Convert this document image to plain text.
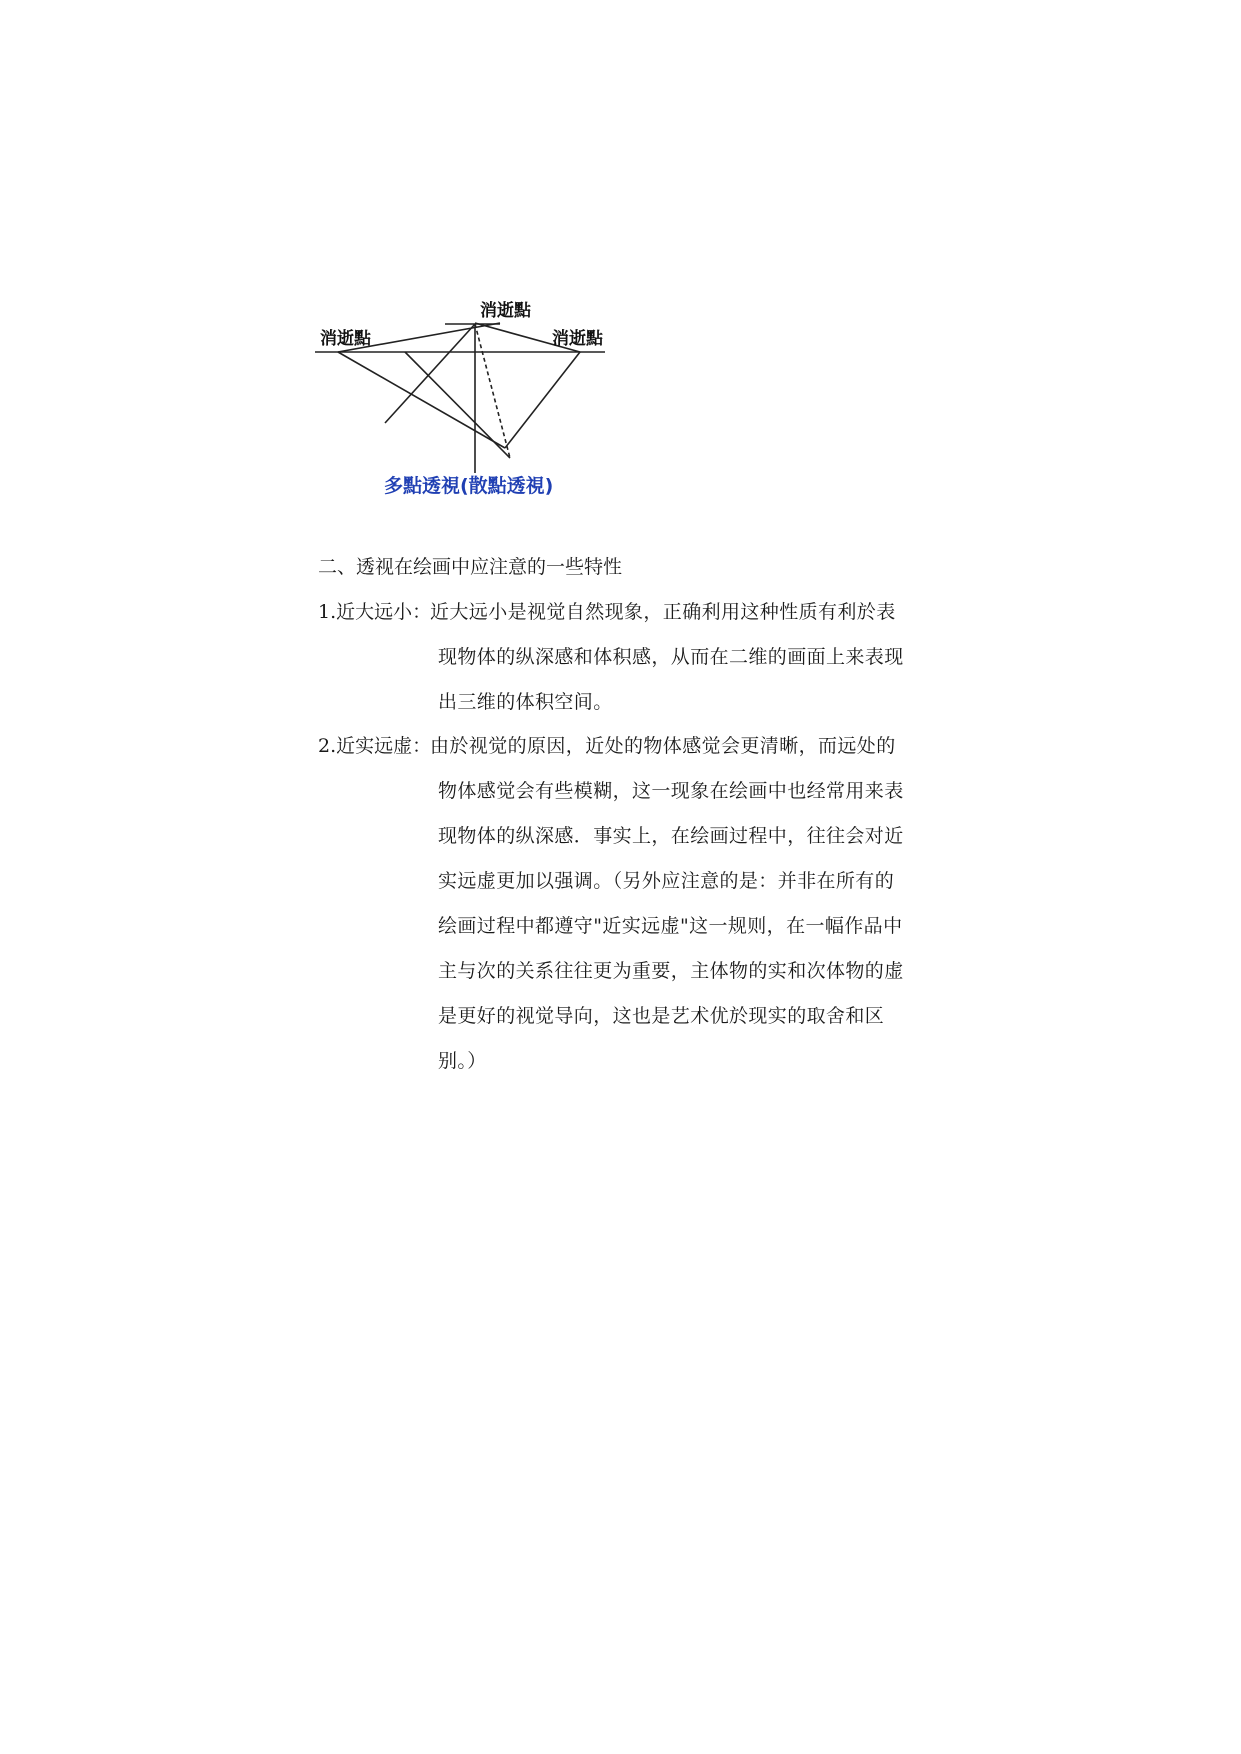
消逝點
消逝點
消逝點
多點透視(散點透視)
二、透视在绘画中应注意的一些特性
1.近大远小：
近大远小是视觉自然现象，正确利用这种性质有利於表
现物体的纵深感和体积感，从而在二维的画面上来表现
出三维的体积空间。
2.近实远虚：
由於视觉的原因，近处的物体感觉会更清晰，而远处的
物体感觉会有些模糊，这一现象在绘画中也经常用来表
现物体的纵深感．事实上，在绘画过程中，往往会对近
实远虚更加以强调。（另外应注意的是：并非在所有的
绘画过程中都遵守"近实远虚"这一规则，在一幅作品中
主与次的关系往往更为重要，主体物的实和次体物的虚
是更好的视觉导向，这也是艺术优於现实的取舍和区
别。）
